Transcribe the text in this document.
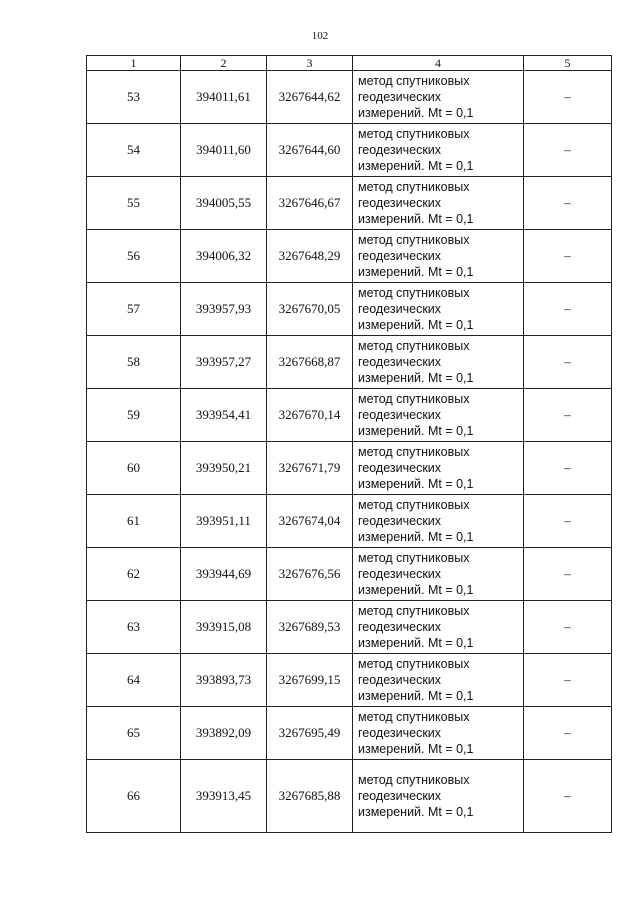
102
1	2	3	4	5
53	394011,61	3267644,62	метод спутниковых
геодезических
измерений. Mt = 0,1	–
54	394011,60	3267644,60	метод спутниковых
геодезических
измерений. Mt = 0,1	–
55	394005,55	3267646,67	метод спутниковых
геодезических
измерений. Mt = 0,1	–
56	394006,32	3267648,29	метод спутниковых
геодезических
измерений. Mt = 0,1	–
57	393957,93	3267670,05	метод спутниковых
геодезических
измерений. Mt = 0,1	–
58	393957,27	3267668,87	метод спутниковых
геодезических
измерений. Mt = 0,1	–
59	393954,41	3267670,14	метод спутниковых
геодезических
измерений. Mt = 0,1	–
60	393950,21	3267671,79	метод спутниковых
геодезических
измерений. Mt = 0,1	–
61	393951,11	3267674,04	метод спутниковых
геодезических
измерений. Mt = 0,1	–
62	393944,69	3267676,56	метод спутниковых
геодезических
измерений. Mt = 0,1	–
63	393915,08	3267689,53	метод спутниковых
геодезических
измерений. Mt = 0,1	–
64	393893,73	3267699,15	метод спутниковых
геодезических
измерений. Mt = 0,1	–
65	393892,09	3267695,49	метод спутниковых
геодезических
измерений. Mt = 0,1	–
66	393913,45	3267685,88	метод спутниковых
геодезических
измерений. Mt = 0,1	–
